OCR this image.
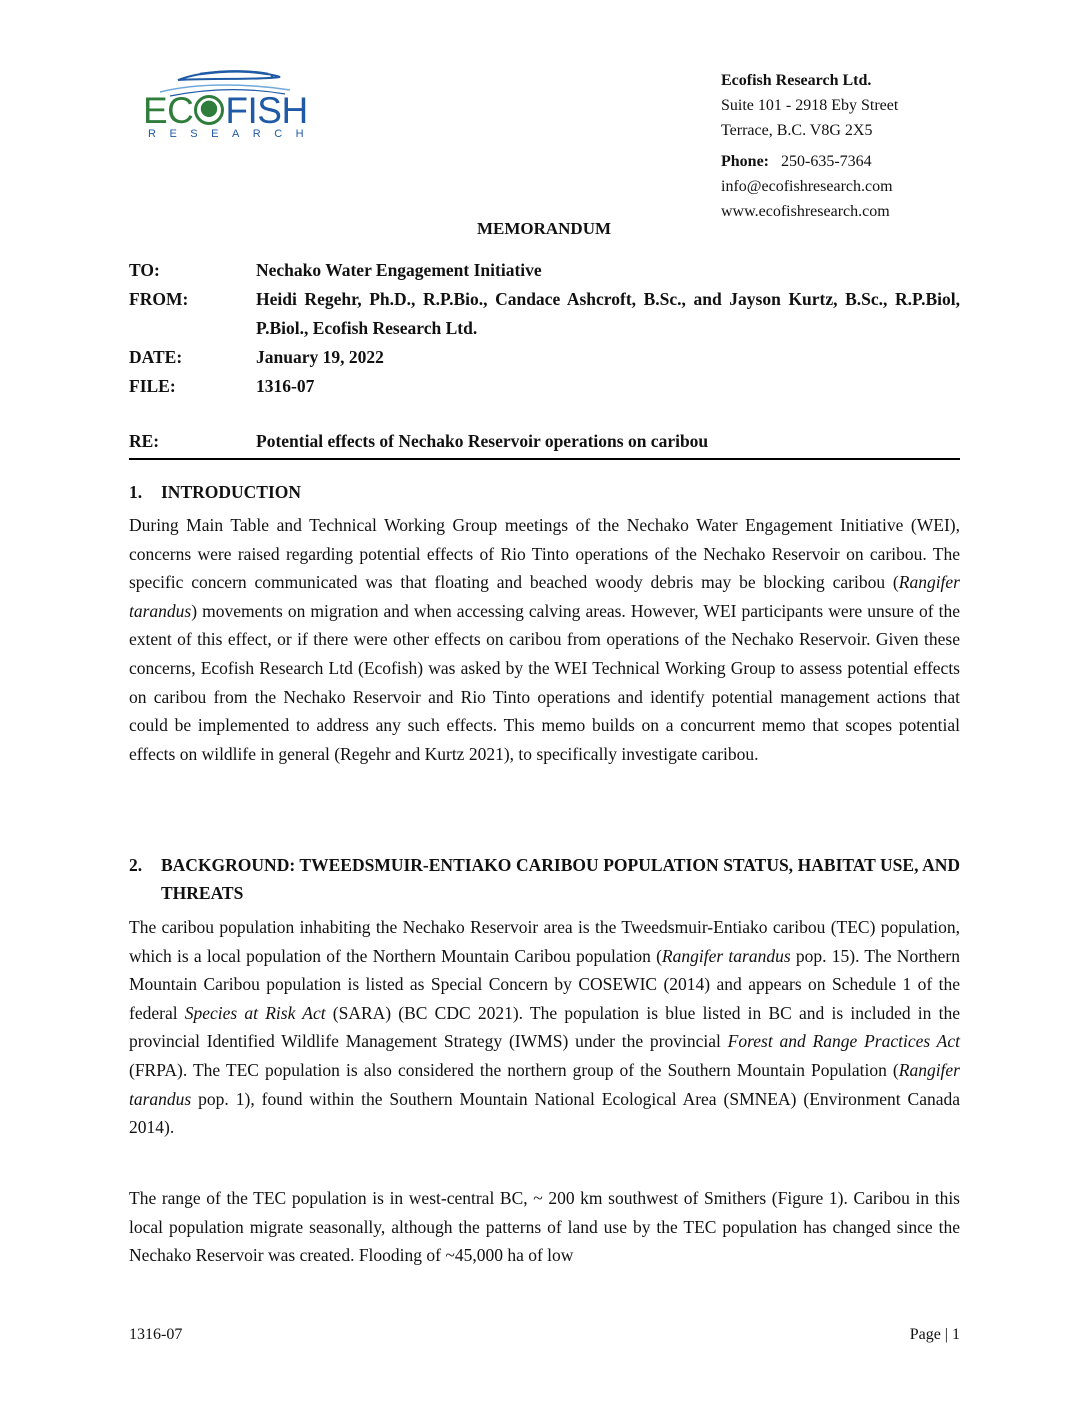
EC FISH
RESEARCH
Ecofish Research Ltd.
Suite 101 - 2918 Eby Street
Terrace, B.C. V8G 2X5
Phone: 250-635-7364
info@ecofishresearch.com
www.ecofishresearch.com
MEMORANDUM
TO:	Nechako Water Engagement Initiative
FROM:	Heidi Regehr, Ph.D., R.P.Bio., Candace Ashcroft, B.Sc., and Jayson Kurtz, B.Sc., R.P.Biol, P.Biol., Ecofish Research Ltd.
DATE:	January 19, 2022
FILE:	1316-07
RE:	Potential effects of Nechako Reservoir operations on caribou
1. INTRODUCTION
During Main Table and Technical Working Group meetings of the Nechako Water Engagement Initiative (WEI), concerns were raised regarding potential effects of Rio Tinto operations of the Nechako Reservoir on caribou. The specific concern communicated was that floating and beached woody debris may be blocking caribou (Rangifer tarandus) movements on migration and when accessing calving areas. However, WEI participants were unsure of the extent of this effect, or if there were other effects on caribou from operations of the Nechako Reservoir. Given these concerns, Ecofish Research Ltd (Ecofish) was asked by the WEI Technical Working Group to assess potential effects on caribou from the Nechako Reservoir and Rio Tinto operations and identify potential management actions that could be implemented to address any such effects. This memo builds on a concurrent memo that scopes potential effects on wildlife in general (Regehr and Kurtz 2021), to specifically investigate caribou.
2.	BACKGROUND: TWEEDSMUIR-ENTIAKO CARIBOU POPULATION STATUS, HABITAT USE, AND THREATS
The caribou population inhabiting the Nechako Reservoir area is the Tweedsmuir-Entiako caribou (TEC) population, which is a local population of the Northern Mountain Caribou population (Rangifer tarandus pop. 15). The Northern Mountain Caribou population is listed as Special Concern by COSEWIC (2014) and appears on Schedule 1 of the federal Species at Risk Act (SARA) (BC CDC 2021). The population is blue listed in BC and is included in the provincial Identified Wildlife Management Strategy (IWMS) under the provincial Forest and Range Practices Act (FRPA). The TEC population is also considered the northern group of the Southern Mountain Population (Rangifer tarandus pop. 1), found within the Southern Mountain National Ecological Area (SMNEA) (Environment Canada 2014).
The range of the TEC population is in west-central BC, ~ 200 km southwest of Smithers (Figure 1). Caribou in this local population migrate seasonally, although the patterns of land use by the TEC population has changed since the Nechako Reservoir was created. Flooding of ~45,000 ha of low
1316-07	Page | 1
